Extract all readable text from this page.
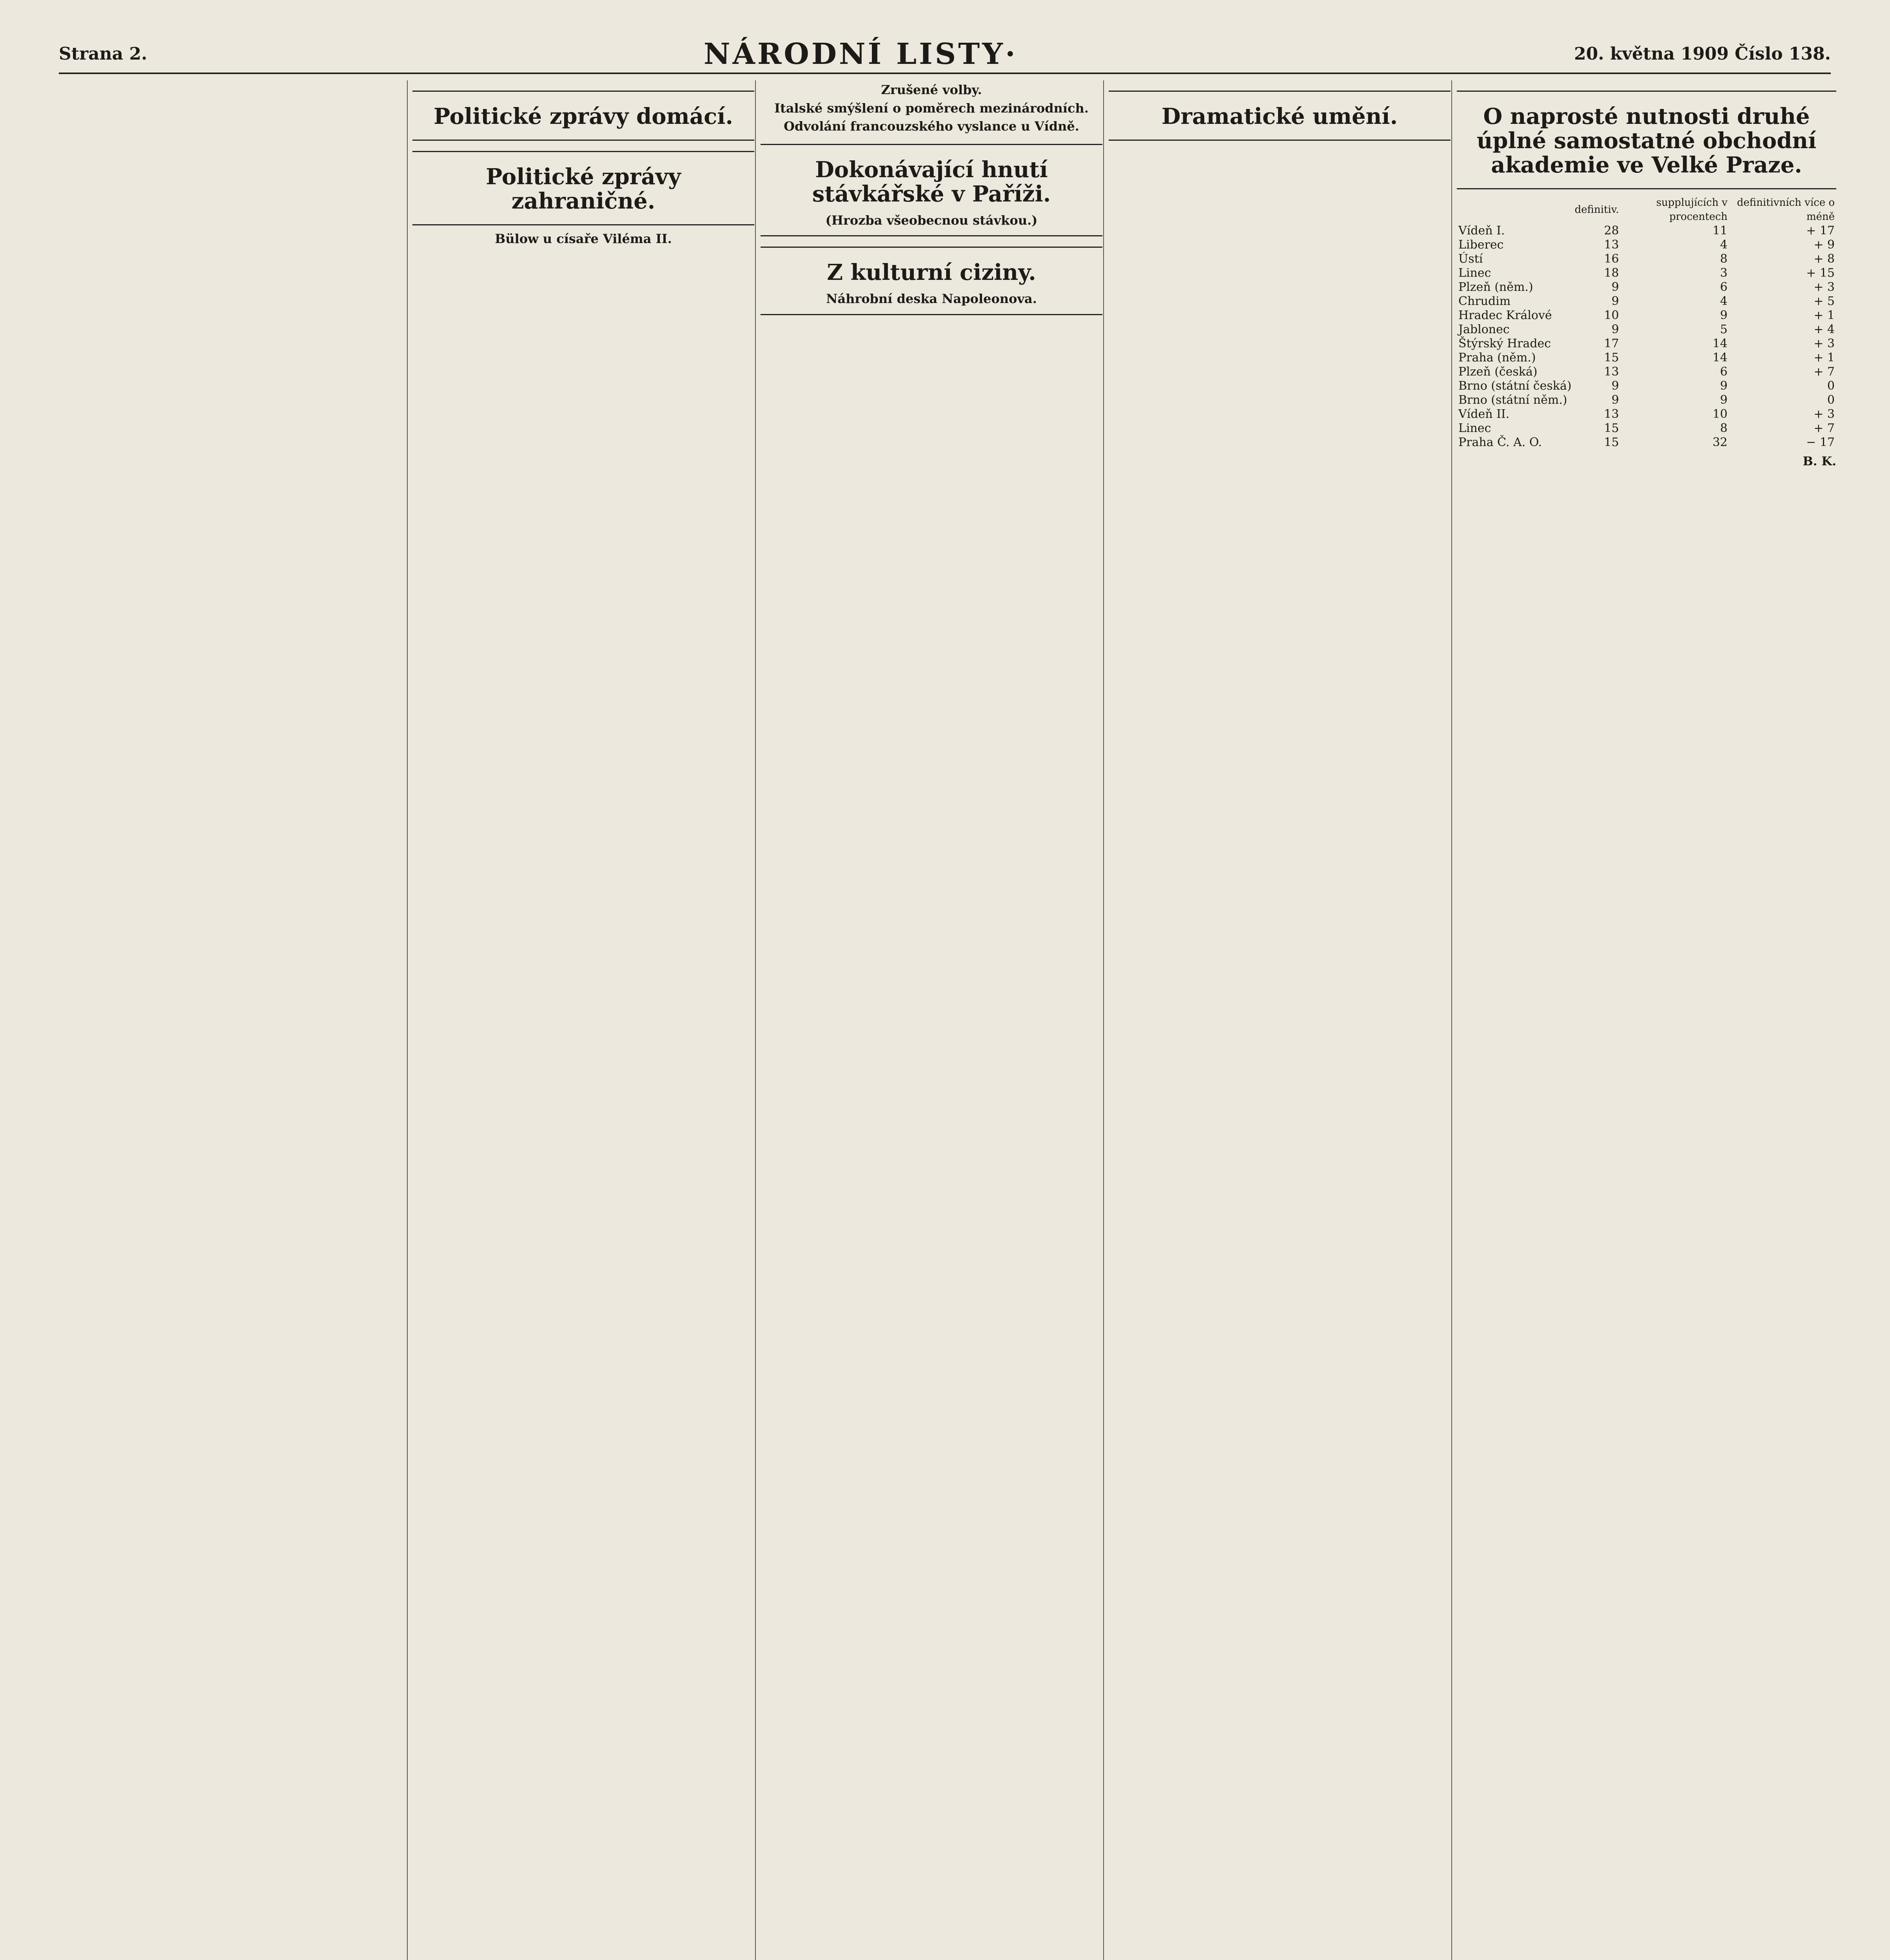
Strana 2.	NÁRODNÍ LISTY·	20. května 1909 Číslo 138.
Politické zprávy domácí.
Politické zprávy zahraničné.
Bülow u císaře Viléma II.
Zrušené volby.
Italské smýšlení o poměrech mezinárodních.
Odvolání francouzského vyslance u Vídně.
Dokonávající hnutí stávkářské v Paříži.
(Hrozba všeobecnou stávkou.)
Z kulturní ciziny.
Náhrobní deska Napoleonova.
Dramatické umění.	O naprosté nutnosti druhé úplné samostatné obchodní akademie ve Velké Praze.
	definitiv.	supplujících v procentech	definitivních více o méně
Vídeň I.	28	11	+ 17
Liberec	13	4	+ 9
Ústí	16	8	+ 8
Linec	18	3	+ 15
Plzeň (něm.)	9	6	+ 3
Chrudim	9	4	+ 5
Hradec Králové	10	9	+ 1
Jablonec	9	5	+ 4
Štýrský Hradec	17	14	+ 3
Praha (něm.)	15	14	+ 1
Plzeň (česká)	13	6	+ 7
Brno (státní česká)	9	9	0
Brno (státní něm.)	9	9	0
Vídeň II.	13	10	+ 3
Linec	15	8	+ 7
Praha Č. A. O.	15	32	− 17
B. K.
